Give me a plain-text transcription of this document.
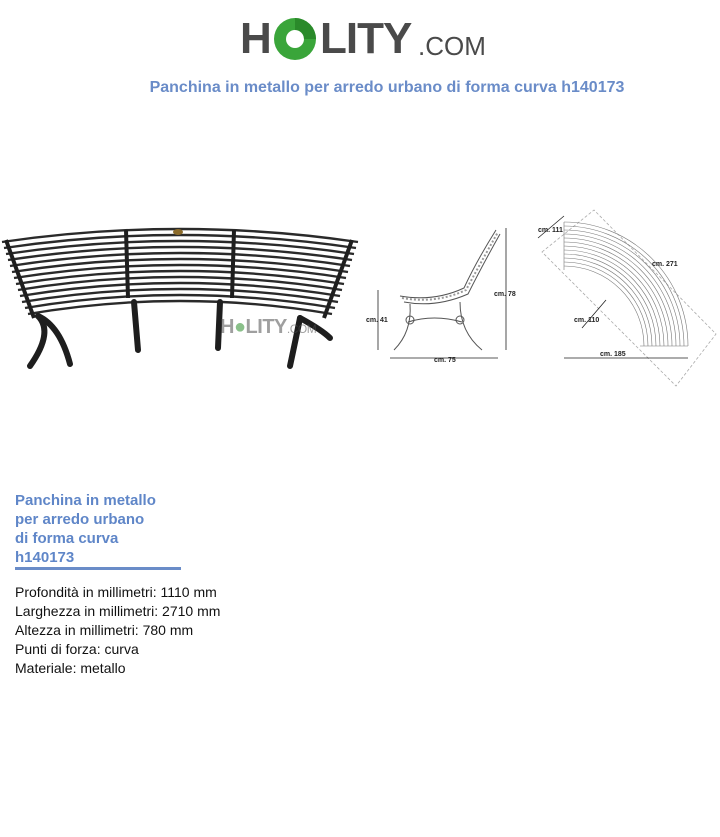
H LITY .COM
Panchina in metallo per arredo urbano di forma curva h140173
H●LITY.COM
cm. 41
cm. 78
cm. 75
cm. 111
cm. 271
cm. 110
cm. 185
Panchina in metallo
per arredo urbano
di forma curva
h140173
Profondità in millimetri: 1110 mm
Larghezza in millimetri: 2710 mm
Altezza in millimetri: 780 mm
Punti di forza: curva
Materiale: metallo
